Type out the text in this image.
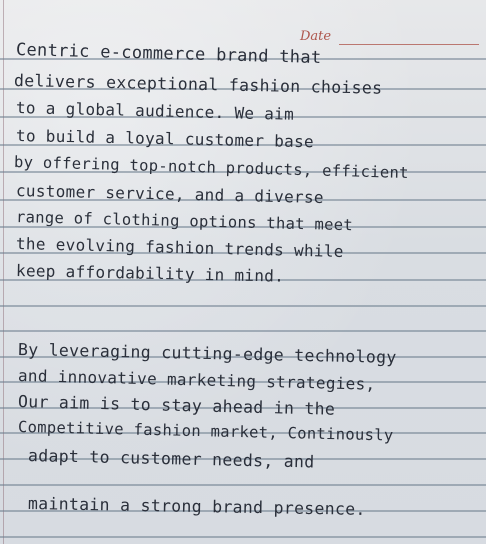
Date
Centric e-commerce brand that
delivers exceptional fashion choises
to a global audience. We aim
to build a loyal customer base
by offering top-notch products, efficient
customer service, and a diverse
range of clothing options that meet
the evolving fashion trends while
keep affordability in mind.
By leveraging cutting-edge technology
and innovative marketing strategies,
Our aim is to stay ahead in the
Competitive fashion market, Continously
adapt to customer needs, and
maintain a strong brand presence.
